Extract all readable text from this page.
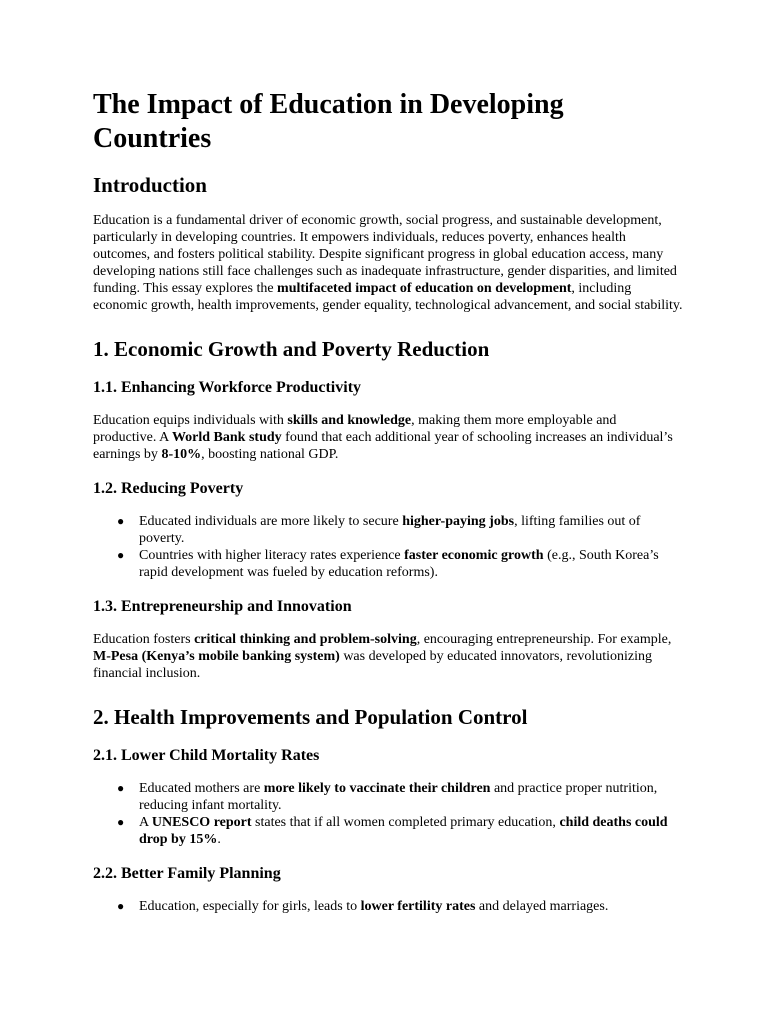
The Impact of Education in Developing Countries
Introduction

Education is a fundamental driver of economic growth, social progress, and sustainable development, particularly in developing countries. It empowers individuals, reduces poverty, enhances health outcomes, and fosters political stability. Despite significant progress in global education access, many developing nations still face challenges such as inadequate infrastructure, gender disparities, and limited funding. This essay explores the multifaceted impact of education on development, including economic growth, health improvements, gender equality, technological advancement, and social stability.

1. Economic Growth and Poverty Reduction
1.1. Enhancing Workforce Productivity

Education equips individuals with skills and knowledge, making them more employable and productive. A World Bank study found that each additional year of schooling increases an individual’s earnings by 8-10%, boosting national GDP.

1.2. Reducing Poverty
● Educated individuals are more likely to secure higher-paying jobs, lifting families out of poverty.
● Countries with higher literacy rates experience faster economic growth (e.g., South Korea’s rapid development was fueled by education reforms).
1.3. Entrepreneurship and Innovation

Education fosters critical thinking and problem-solving, encouraging entrepreneurship. For example, M-Pesa (Kenya’s mobile banking system) was developed by educated innovators, revolutionizing financial inclusion.

2. Health Improvements and Population Control
2.1. Lower Child Mortality Rates
● Educated mothers are more likely to vaccinate their children and practice proper nutrition, reducing infant mortality.
● A UNESCO report states that if all women completed primary education, child deaths could drop by 15%.
2.2. Better Family Planning
● Education, especially for girls, leads to lower fertility rates and delayed marriages.
